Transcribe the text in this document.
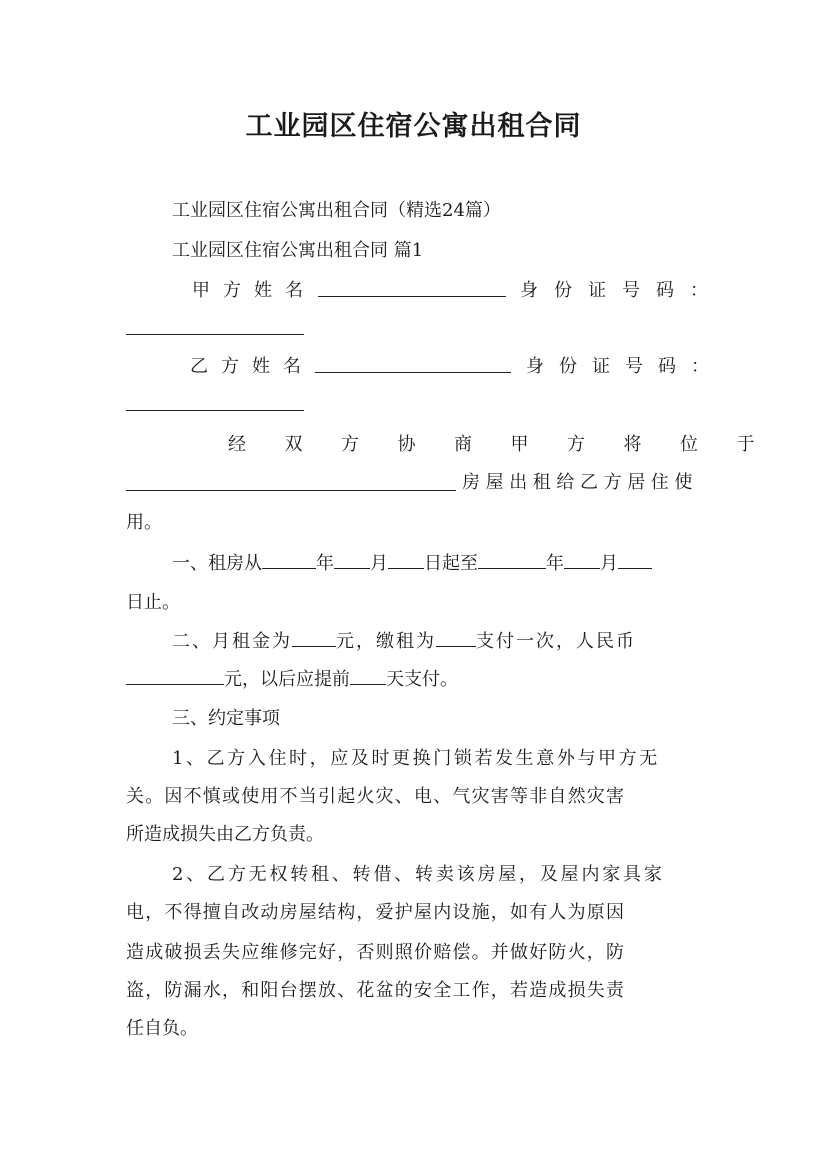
工业园区住宿公寓出租合同
工业园区住宿公寓出租合同（精选24篇）
工业园区住宿公寓出租合同 篇1
甲方姓名	身份证号码：
乙方姓名	身份证号码：
经双方协商甲方将位于
房屋出租给乙方居住使
用。
一、租房从	年 月 日起至	年 月
日止。
二、月租金为 元，缴租为 支付一次，人民币
元，以后应提前 天支付。
三、约定事项
1、乙方入住时，应及时更换门锁若发生意外与甲方无
关。因不慎或使用不当引起火灾、电、气灾害等非自然灾害
所造成损失由乙方负责。
2、乙方无权转租、转借、转卖该房屋，及屋内家具家
电，不得擅自改动房屋结构，爱护屋内设施，如有人为原因
造成破损丢失应维修完好，否则照价赔偿。并做好防火，防
盗，防漏水，和阳台摆放、花盆的安全工作，若造成损失责
任自负。
